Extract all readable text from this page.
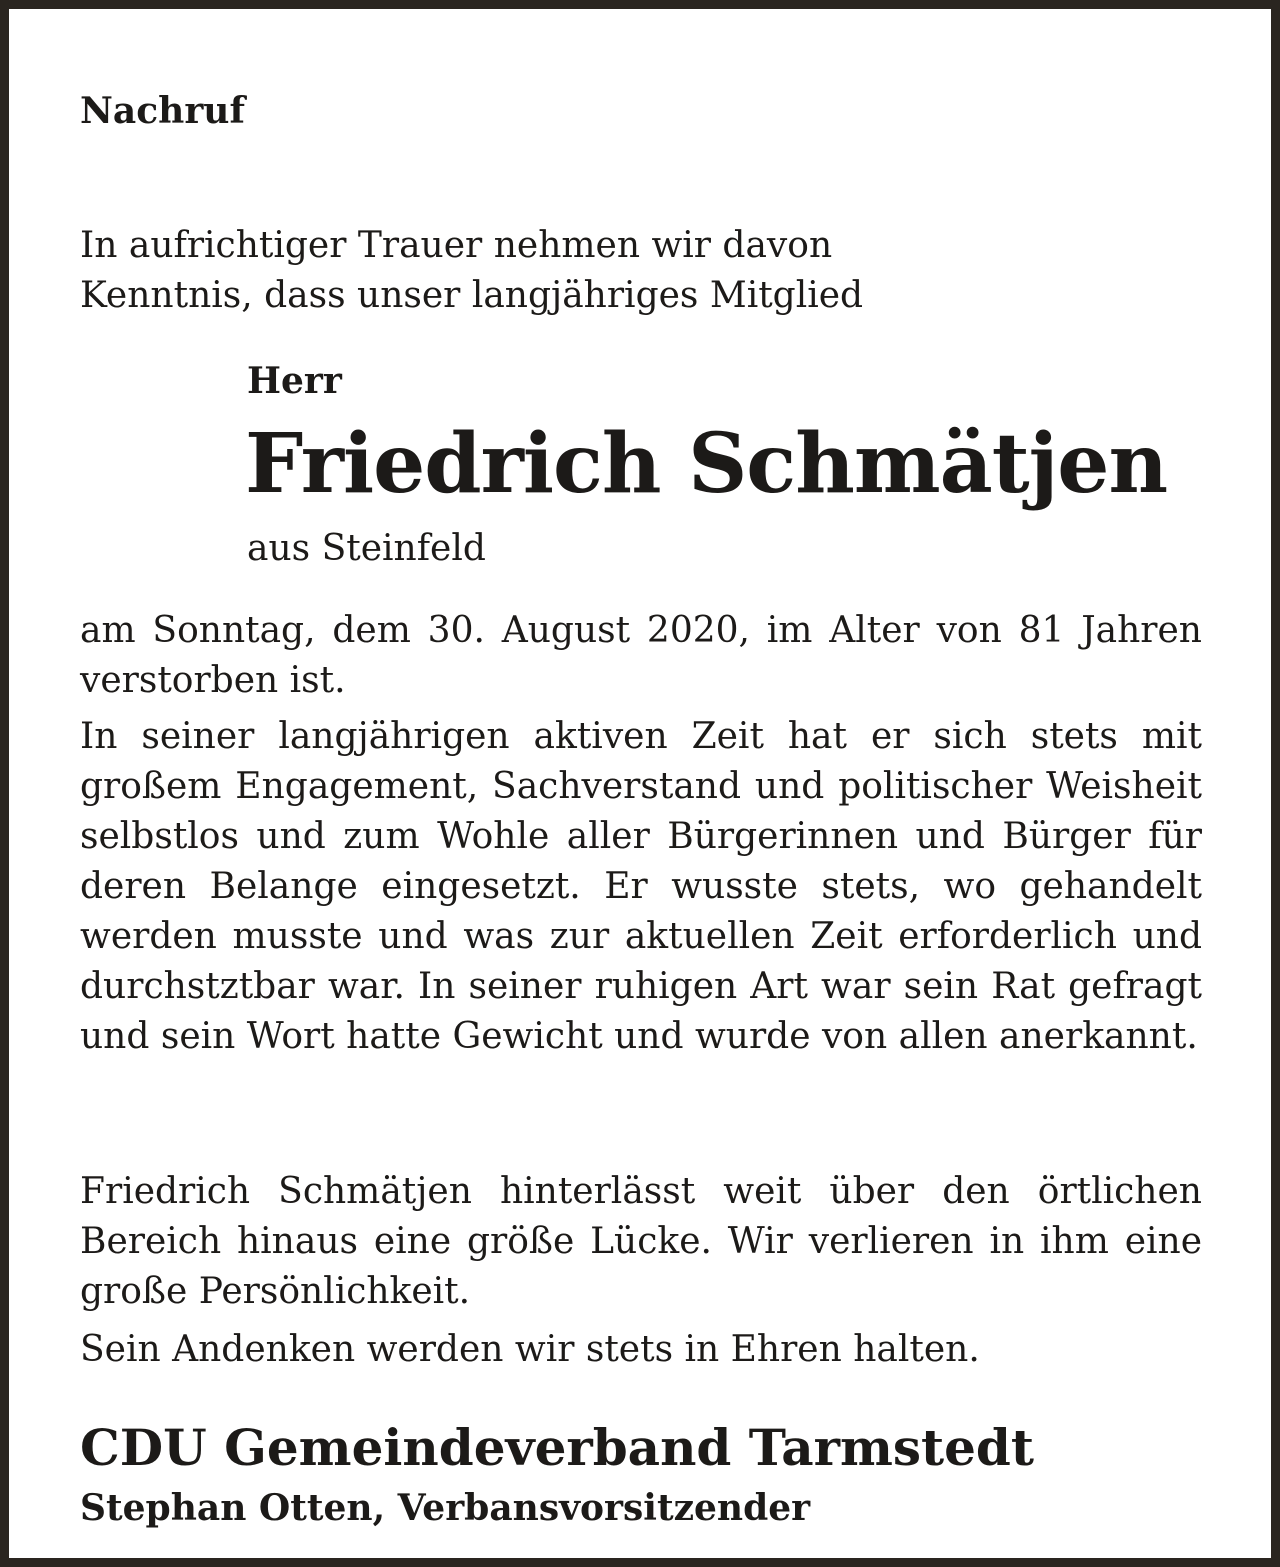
Nachruf
In aufrichtiger Trauer nehmen wir davon
Kenntnis, dass unser langjähriges Mitglied
Herr
Friedrich Schmätjen
aus Steinfeld

am Sonntag, dem 30. August 2020, im Alter von 81 Jahren verstorben ist.

In seiner langjährigen aktiven Zeit hat er sich stets mit großem Engagement, Sachverstand und politischer Weisheit selbstlos und zum Wohle aller Bürgerinnen und Bürger für deren Belange eingesetzt. Er wusste stets, wo gehandelt werden musste und was zur aktuellen Zeit erforderlich und durchstztbar war. In seiner ruhigen Art war sein Rat gefragt und sein Wort hatte Gewicht und wurde von allen anerkannt.

Friedrich Schmätjen hinterlässt weit über den örtlichen Bereich hinaus eine größe Lücke. Wir verlieren in ihm eine große Persönlichkeit.

Sein Andenken werden wir stets in Ehren halten.

CDU Gemeindeverband Tarmstedt
Stephan Otten, Verbansvorsitzender
